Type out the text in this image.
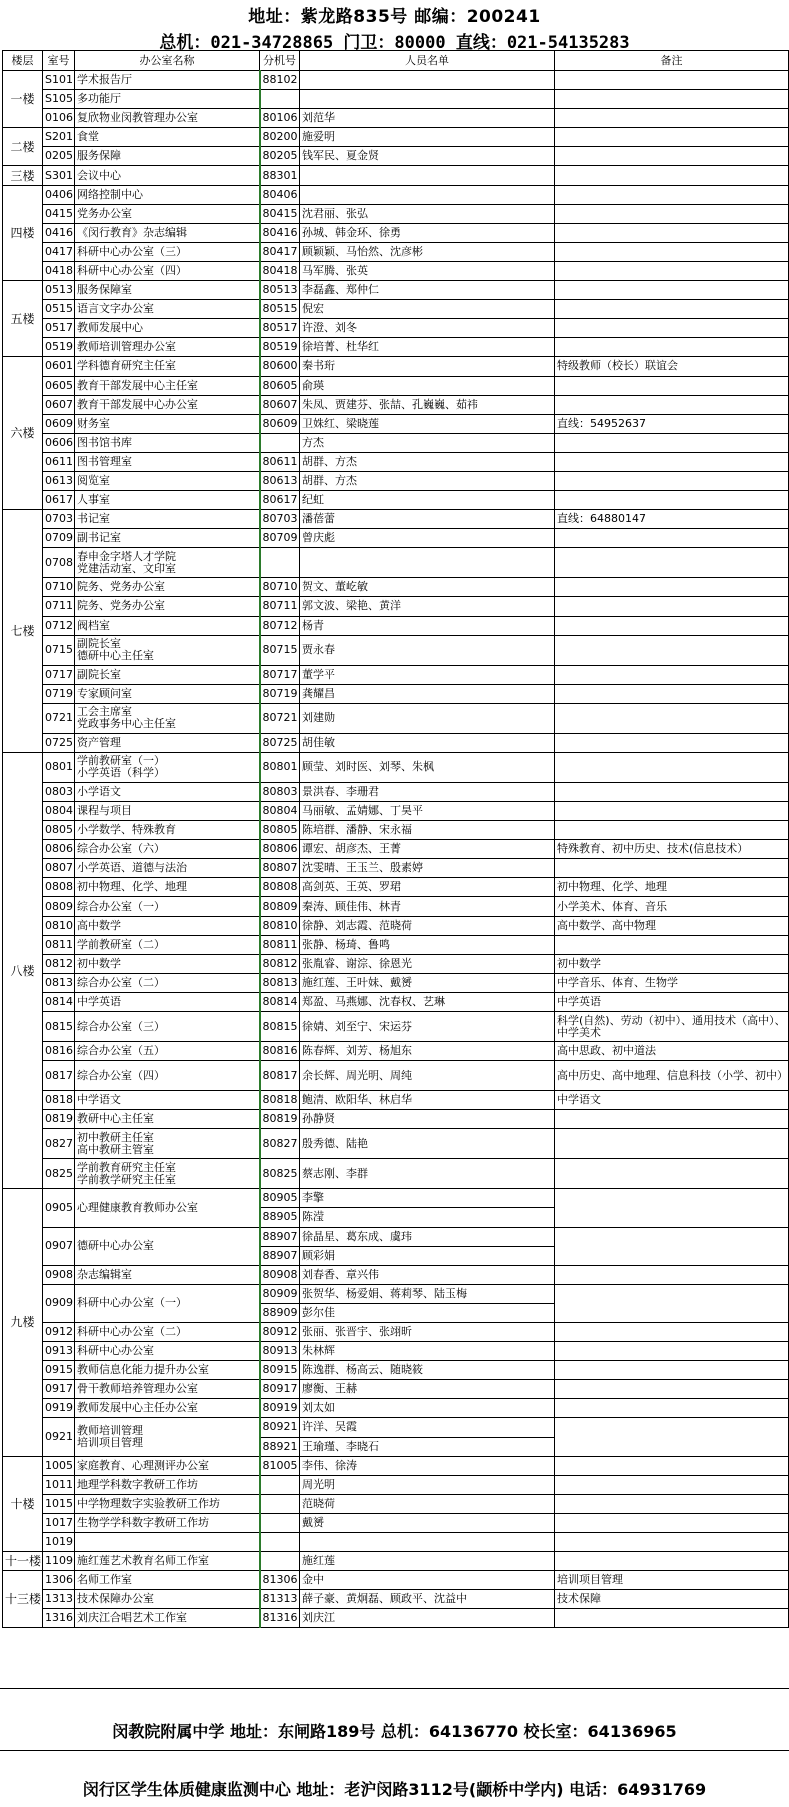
地址：紫龙路835号 邮编：200241
总机：021-34728865 门卫：80000 直线：021-54135283
楼层	室号	办公室名称	分机号	人员名单	备注
一楼	S101	学术报告厅	88102		
	S105	多功能厅			
	0106	复欣物业闵教管理办公室	80106	刘范华	
二楼	S201	食堂	80200	施爱明	
	0205	服务保障	80205	钱军民、夏金贤	
三楼	S301	会议中心	88301		
四楼	0406	网络控制中心	80406		
	0415	党务办公室	80415	沈君丽、张弘	
	0416	《闵行教育》杂志编辑	80416	孙城、韩金环、徐勇	
	0417	科研中心办公室（三）	80417	顾颖颖、马怡然、沈彦彬	
	0418	科研中心办公室（四）	80418	马军腾、张英	
五楼	0513	服务保障室	80513	李磊鑫、郑仲仁	
	0515	语言文字办公室	80515	倪宏	
	0517	教师发展中心	80517	许澄、刘冬	
	0519	教师培训管理办公室	80519	徐培菁、杜华红	
六楼	0601	学科德育研究主任室	80600	秦书珩	特级教师（校长）联谊会
	0605	教育干部发展中心主任室	80605	俞瑛	
	0607	教育干部发展中心办公室	80607	朱凤、贾建芬、张喆、孔巍巍、茹祎	
	0609	财务室	80609	卫姝红、梁晓莲	直线：54952637
	0606	图书馆书库		方杰	
	0611	图书管理室	80611	胡群、方杰	
	0613	阅览室	80613	胡群、方杰	
	0617	人事室	80617	纪虹	
七楼	0703	书记室	80703	潘蓓蕾	直线：64880147
	0709	副书记室	80709	曾庆彪	
	0708	春申金字塔人才学院
党建活动室、文印室			
	0710	院务、党务办公室	80710	贺文、董屹敏	
	0711	院务、党务办公室	80711	郭文波、梁艳、黄洋	
	0712	阀档室	80712	杨青	
	0715	副院长室
德研中心主任室	80715	贾永春	
	0717	副院长室	80717	董学平	
	0719	专家顾问室	80719	龚耀昌	
	0721	工会主席室
党政事务中心主任室	80721	刘建勋	
	0725	资产管理	80725	胡佳敏	
八楼	0801	学前教研室（一）
小学英语（科学）	80801	顾莹、刘时医、刘琴、朱枫	
	0803	小学语文	80803	景洪春、李珊君	
	0804	课程与项目	80804	马丽敏、孟婧娜、丁昊平	
	0805	小学数学、特殊教育	80805	陈培群、潘静、宋永福	
	0806	综合办公室（六）	80806	谭宏、胡彦杰、王菁	特殊教育、初中历史、技术(信息技术）
	0807	小学英语、道德与法治	80807	沈雯晴、王玉兰、殷素婷	
	0808	初中物理、化学、地理	80808	高剑英、王英、罗珺	初中物理、化学、地理
	0809	综合办公室（一）	80809	秦涛、顾佳伟、林青	小学美术、体育、音乐
	0810	高中数学	80810	徐静、刘志霞、范晓荷	高中数学、高中物理
	0811	学前教研室（二）	80811	张静、杨琦、鲁鸣	
	0812	初中数学	80812	张胤睿、谢淙、徐恩光	初中数学
	0813	综合办公室（二）	80813	施红莲、王叶妹、戴赟	中学音乐、体育、生物学
	0814	中学英语	80814	郑盈、马燕娜、沈春权、艺琳	中学英语
	0815	综合办公室（三）	80815	徐婧、刘至宁、宋运芬	科学(自然)、劳动（初中）、通用技术（高中）、中学美术
	0816	综合办公室（五）	80816	陈春辉、刘芳、杨旭东	高中思政、初中道法
	0817	综合办公室（四）	80817	余长辉、周光明、周纯	高中历史、高中地理、信息科技（小学、初中）
	0818	中学语文	80818	鲍清、欧阳华、林启华	中学语文
	0819	教研中心主任室	80819	孙静贤	
	0827	初中教研主任室
高中教研主管室	80827	殷秀德、陆艳	
	0825	学前教育研究主任室
学前教学研究主任室	80825	蔡志刚、李群	
九楼	0905	心理健康教育教师办公室	80905	李擎	
			88905	陈滢	
	0907	德研中心办公室	88907	徐晶星、葛东成、虞玮	
			88907	顾彩娟	
	0908	杂志编辑室	80908	刘春香、章兴伟	
	0909	科研中心办公室（一）	80909	张贺华、杨爱娟、蒋莉琴、陆玉梅	
			88909	彭尔佳	
	0912	科研中心办公室（二）	80912	张丽、张晋宇、张翊昕	
	0913	科研中心办公室	80913	朱林辉	
	0915	教师信息化能力提升办公室	80915	陈逸群、杨高云、随晓筱	
	0917	骨干教师培养管理办公室	80917	廖衡、王赫	
	0919	教师发展中心主任办公室	80919	刘太如	
	0921	教师培训管理
培训项目管理	80921	许洋、吴霞	
			88921	王瑜瑾、李晓石	
十楼	1005	家庭教育、心理测评办公室	81005	李伟、徐涛	
	1011	地理学科数字教研工作坊		周光明	
	1015	中学物理数字实验教研工作坊		范晓荷	
	1017	生物学学科数字教研工作坊		戴赟	
	1019				
十一楼	1109	施红莲艺术教育名师工作室		施红莲	
十三楼	1306	名师工作室	81306	金中	培训项目管理
	1313	技术保障办公室	81313	薛子豪、黄炯磊、顾政平、沈益中	技术保障
	1316	刘庆江合唱艺术工作室	81316	刘庆江	
闵教院附属中学 地址：东闸路189号 总机：64136770 校长室：64136965
闵行区学生体质健康监测中心 地址：老沪闵路3112号(颛桥中学内) 电话：64931769
